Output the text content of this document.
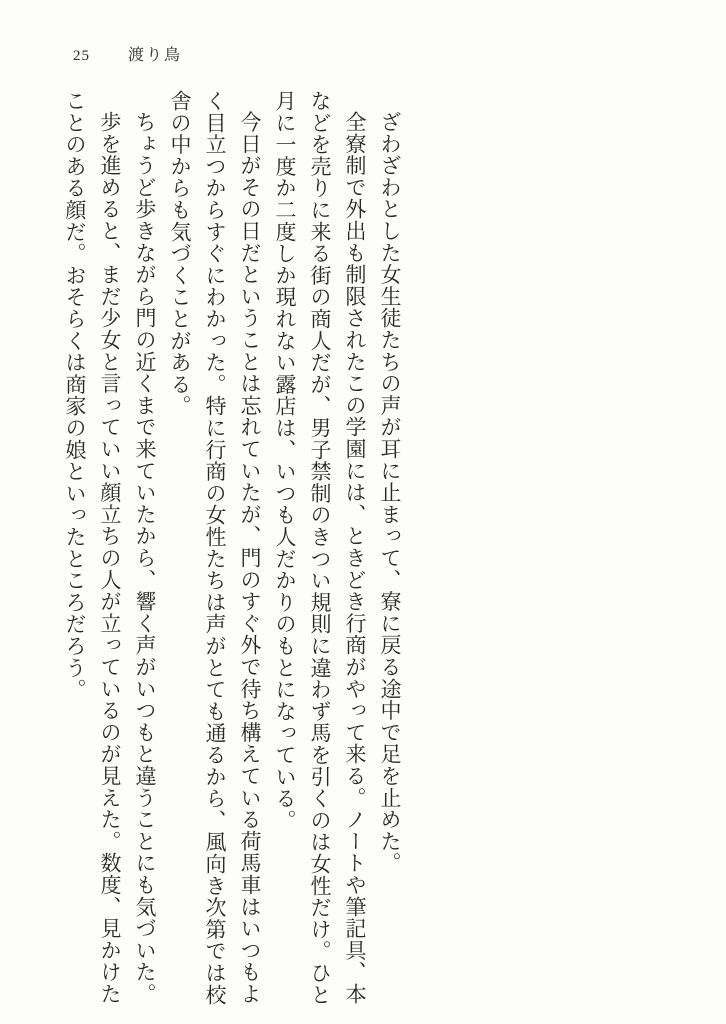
25 渡り鳥

ざわざわとした女生徒たちの声が耳に止まって、寮に戻る途中で足を止めた。

全寮制で外出も制限されたこの学園には、ときどき行商がやって来る。ノートや筆記具、本などを売りに来る街の商人だが、男子禁制のきつい規則に違わず馬を引くのは女性だけ。ひと月に一度か二度しか現れない露店は、いつも人だかりのもとになっている。

今日がその日だということは忘れていたが、門のすぐ外で待ち構えている荷馬車はいつもよく目立つからすぐにわかった。特に行商の女性たちは声がとても通るから、風向き次第では校舎の中からも気づくことがある。

ちょうど歩きながら門の近くまで来ていたから、響く声がいつもと違うことにも気づいた。

歩を進めると、まだ少女と言っていい顔立ちの人が立っているのが見えた。数度、見かけたことのある顔だ。おそらくは商家の娘といったところだろう。
